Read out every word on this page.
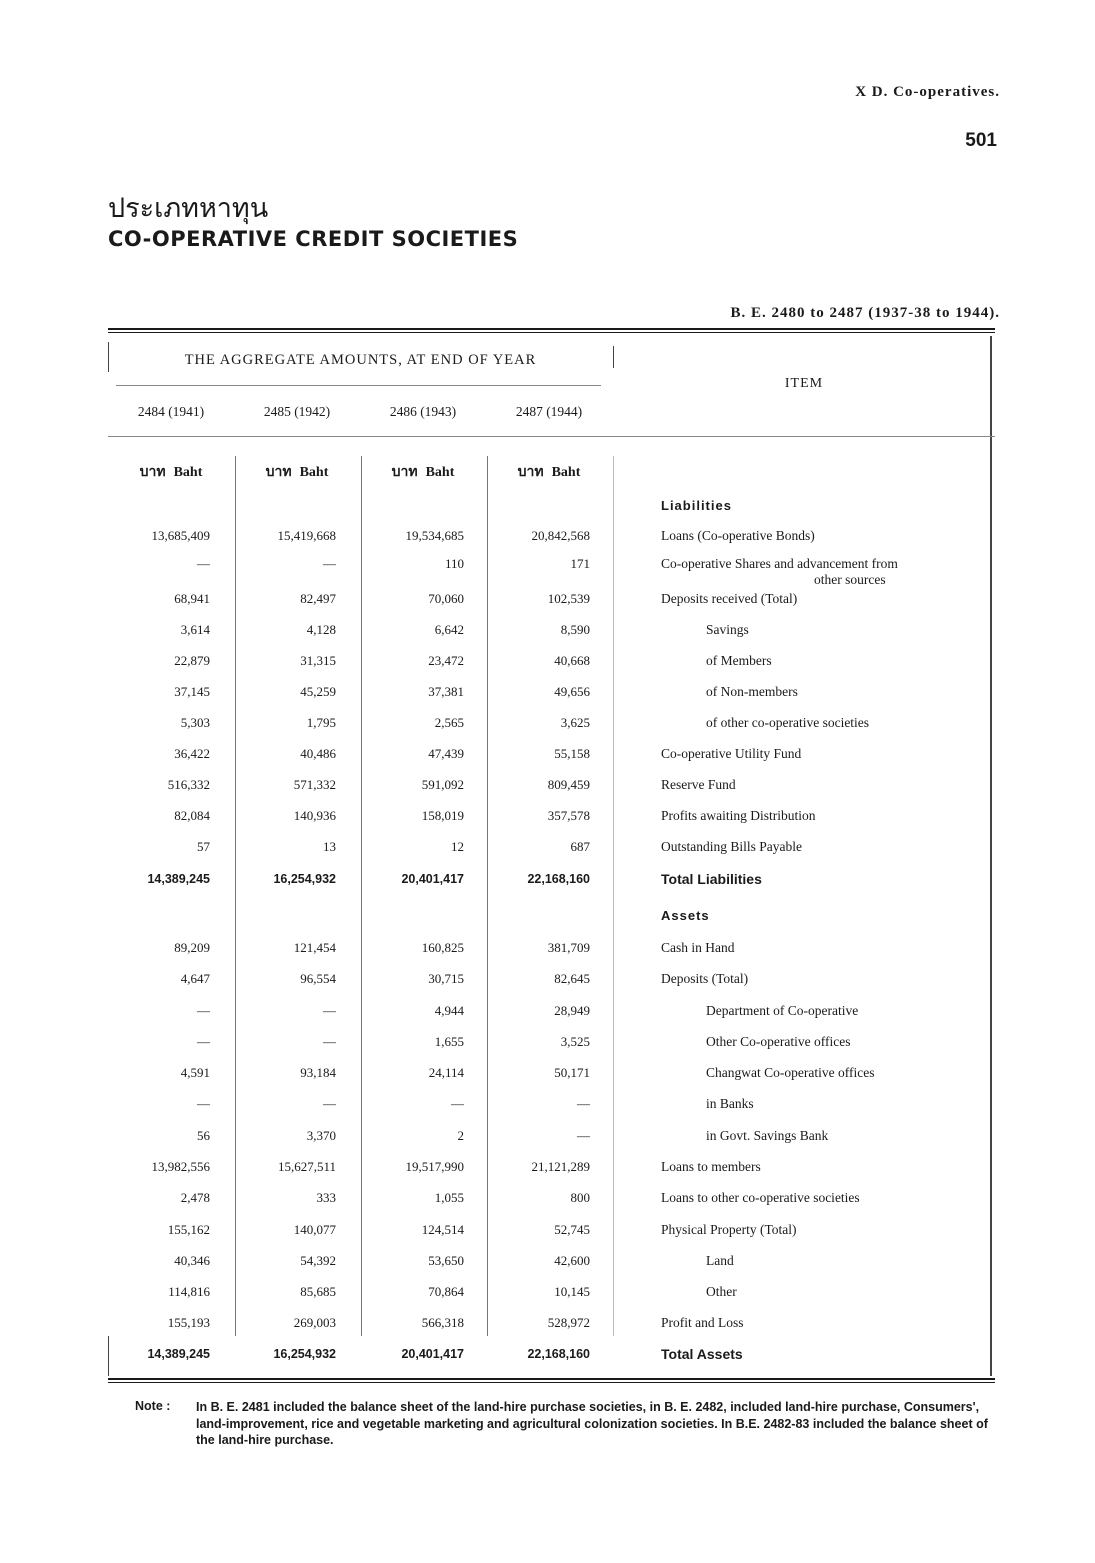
X D. Co-operatives.
501
ประเภทหาทุน
CO-OPERATIVE CREDIT SOCIETIES
B. E. 2480 to 2487 (1937-38 to 1944).
THE AGGREGATE AMOUNTS, AT END OF YEAR
ITEM
2484 (1941)	2485 (1942)	2486 (1943)	2487 (1944)
บาท Baht	บาท Baht	บาท Baht	บาท Baht
Liabilities
13,685,409	15,419,668	19,534,685	20,842,568	Loans (Co-operative Bonds)
—	—	110	171	Co-operative Shares and advancement from
other sources
68,941	82,497	70,060	102,539	Deposits received (Total)
3,614	4,128	6,642	8,590	Savings
22,879	31,315	23,472	40,668	of Members
37,145	45,259	37,381	49,656	of Non-members
5,303	1,795	2,565	3,625	of other co-operative societies
36,422	40,486	47,439	55,158	Co-operative Utility Fund
516,332	571,332	591,092	809,459	Reserve Fund
82,084	140,936	158,019	357,578	Profits awaiting Distribution
57	13	12	687	Outstanding Bills Payable
14,389,245	16,254,932	20,401,417	22,168,160	Total Liabilities
Assets
89,209	121,454	160,825	381,709	Cash in Hand
4,647	96,554	30,715	82,645	Deposits (Total)
—	—	4,944	28,949	Department of Co-operative
—	—	1,655	3,525	Other Co-operative offices
4,591	93,184	24,114	50,171	Changwat Co-operative offices
—	—	—	—	in Banks
56	3,370	2	—	in Govt. Savings Bank
13,982,556	15,627,511	19,517,990	21,121,289	Loans to members
2,478	333	1,055	800	Loans to other co-operative societies
155,162	140,077	124,514	52,745	Physical Property (Total)
40,346	54,392	53,650	42,600	Land
114,816	85,685	70,864	10,145	Other
155,193	269,003	566,318	528,972	Profit and Loss
14,389,245	16,254,932	20,401,417	22,168,160	Total Assets
Note : In B. E. 2481 included the balance sheet of the land-hire purchase societies, in B. E. 2482, included land-hire purchase, Consumers', land-improvement, rice and vegetable marketing and agricultural colonization societies. In B.E. 2482-83 included the balance sheet of the land-hire purchase.
